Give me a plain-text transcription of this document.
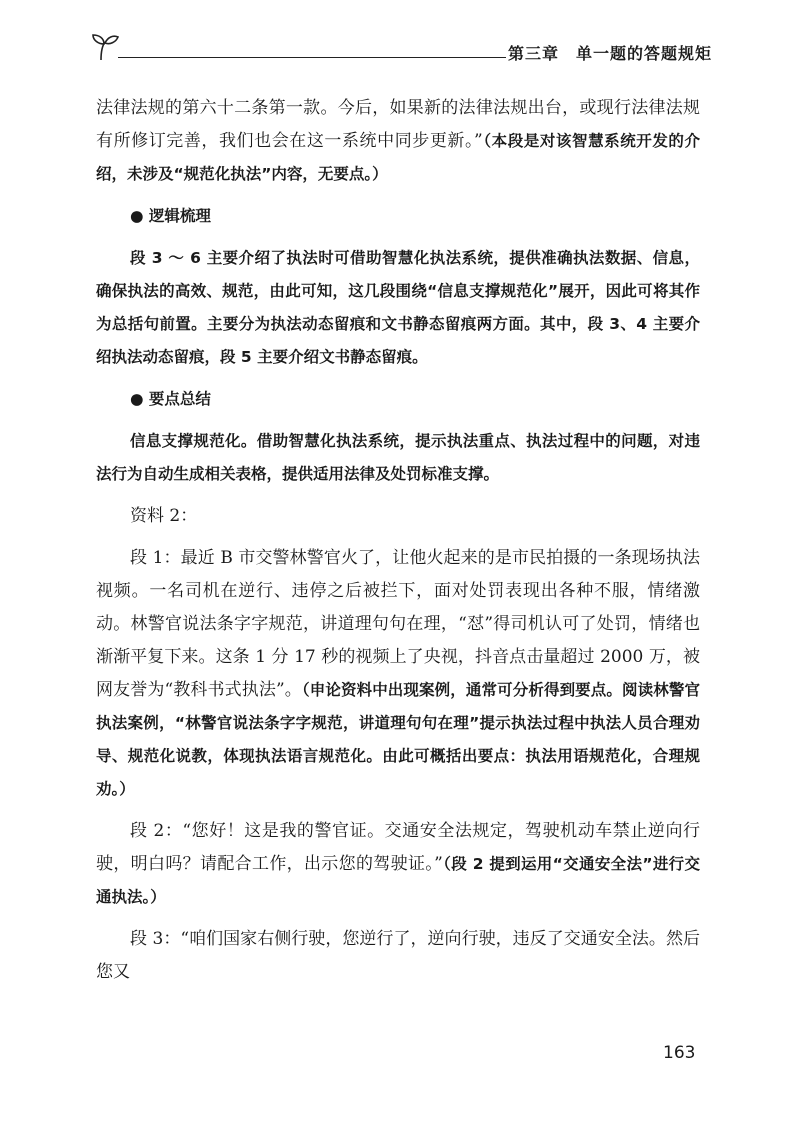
第三章　单一题的答题规矩

法律法规的第六十二条第一款。今后，如果新的法律法规出台，或现行法律法规有所修订完善，我们也会在这一系统中同步更新。”（本段是对该智慧系统开发的介绍，未涉及“规范化执法”内容，无要点。）

● 逻辑梳理

段 3 ～ 6 主要介绍了执法时可借助智慧化执法系统，提供准确执法数据、信息，确保执法的高效、规范，由此可知，这几段围绕“信息支撑规范化”展开，因此可将其作为总括句前置。主要分为执法动态留痕和文书静态留痕两方面。其中，段 3、4 主要介绍执法动态留痕，段 5 主要介绍文书静态留痕。

● 要点总结

信息支撑规范化。借助智慧化执法系统，提示执法重点、执法过程中的问题，对违法行为自动生成相关表格，提供适用法律及处罚标准支撑。

资料 2：

段 1：最近 B 市交警林警官火了，让他火起来的是市民拍摄的一条现场执法视频。一名司机在逆行、违停之后被拦下，面对处罚表现出各种不服，情绪激动。林警官说法条字字规范，讲道理句句在理，“怼”得司机认可了处罚，情绪也渐渐平复下来。这条 1 分 17 秒的视频上了央视，抖音点击量超过 2000 万，被网友誉为“教科书式执法”。（申论资料中出现案例，通常可分析得到要点。阅读林警官执法案例，“林警官说法条字字规范，讲道理句句在理”提示执法过程中执法人员合理劝导、规范化说教，体现执法语言规范化。由此可概括出要点：执法用语规范化，合理规劝。）

段 2：“您好！这是我的警官证。交通安全法规定，驾驶机动车禁止逆向行驶，明白吗？请配合工作，出示您的驾驶证。”（段 2 提到运用“交通安全法”进行交通执法。）

段 3：“咱们国家右侧行驶，您逆行了，逆向行驶，违反了交通安全法。然后您又

163
